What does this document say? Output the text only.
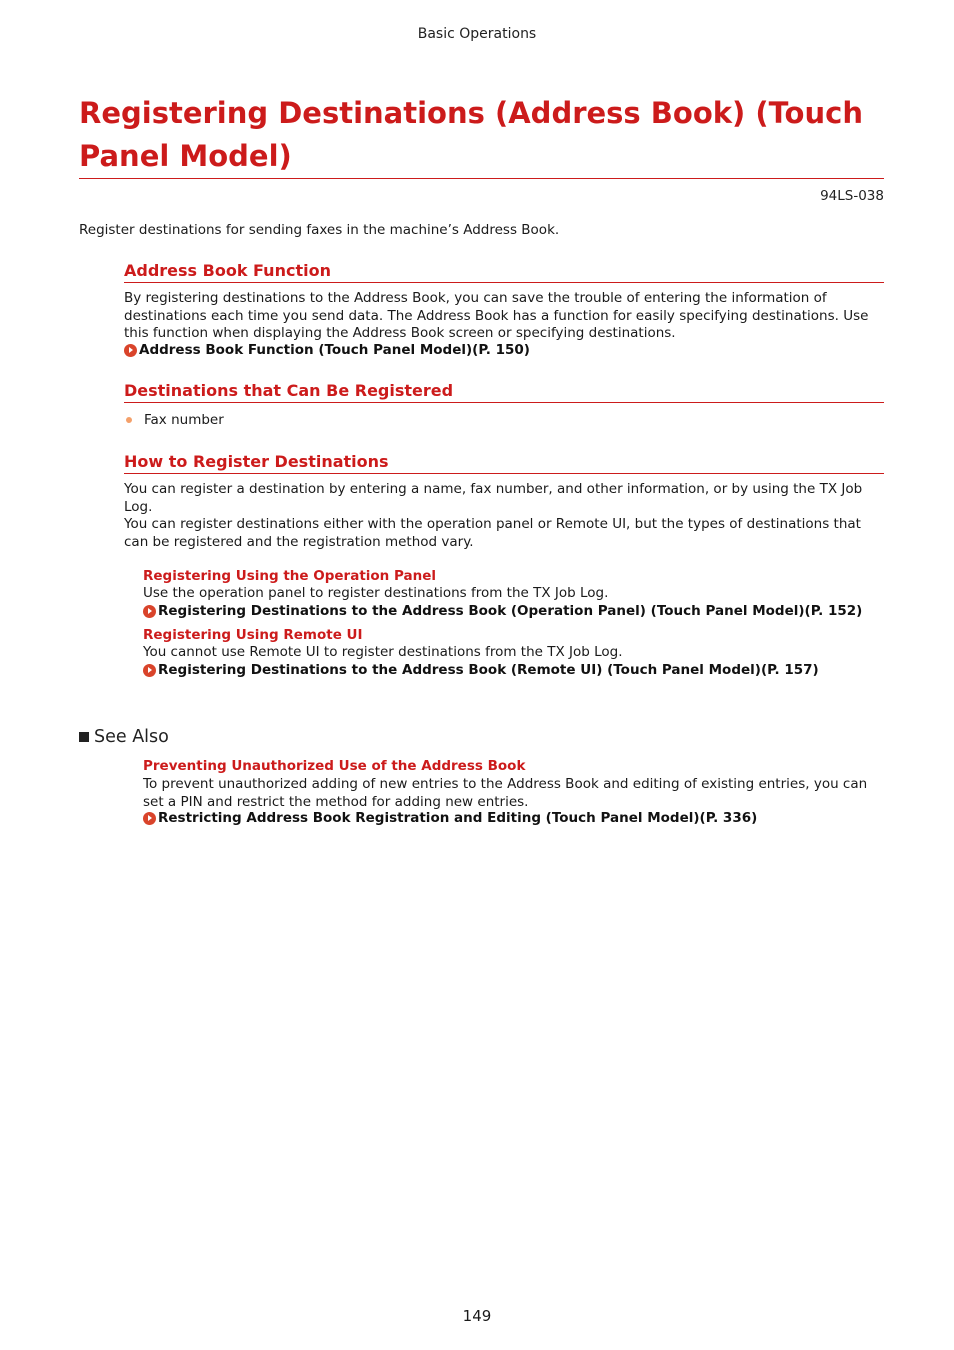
Basic Operations
Registering Destinations (Address Book) (Touch Panel Model)
94LS-038
Register destinations for sending faxes in the machine’s Address Book.
Address Book Function

By registering destinations to the Address Book, you can save the trouble of entering the information of
destinations each time you send data. The Address Book has a function for easily specifying destinations. Use
this function when displaying the Address Book screen or specifying destinations.

Address Book Function (Touch Panel Model)(P. 150)
Destinations that Can Be Registered
Fax number
How to Register Destinations

You can register a destination by entering a name, fax number, and other information, or by using the TX Job
Log.
You can register destinations either with the operation panel or Remote UI, but the types of destinations that
can be registered and the registration method vary.

Registering Using the Operation Panel
Use the operation panel to register destinations from the TX Job Log.
Registering Destinations to the Address Book (Operation Panel) (Touch Panel Model)(P. 152)
Registering Using Remote UI
You cannot use Remote UI to register destinations from the TX Job Log.
Registering Destinations to the Address Book (Remote UI) (Touch Panel Model)(P. 157)
See Also
Preventing Unauthorized Use of the Address Book
To prevent unauthorized adding of new entries to the Address Book and editing of existing entries, you can
set a PIN and restrict the method for adding new entries.
Restricting Address Book Registration and Editing (Touch Panel Model)(P. 336)
149
